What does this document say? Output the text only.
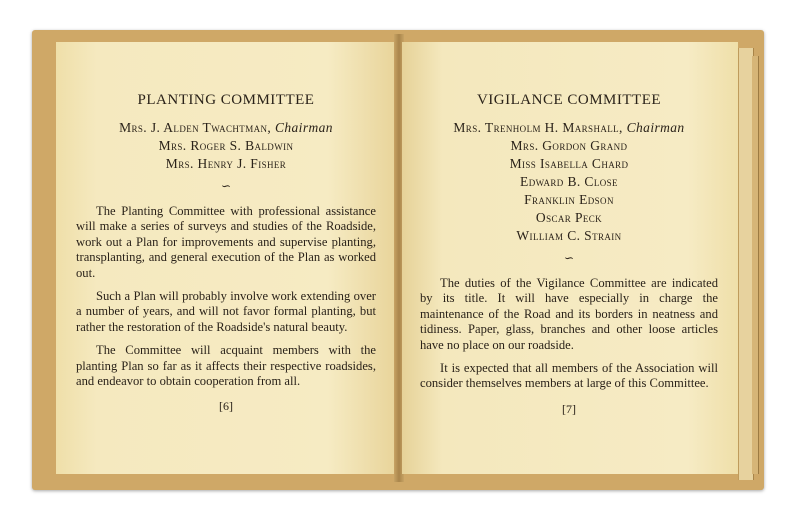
PLANTING COMMITTEE
Mrs. J. Alden Twachtman, Chairman
Mrs. Roger S. Baldwin
Mrs. Henry J. Fisher
∽

The Planting Committee with professional assistance will make a series of surveys and studies of the Roadside, work out a Plan for improvements and supervise planting, transplanting, and general execution of the Plan as worked out.

Such a Plan will probably involve work extending over a number of years, and will not favor formal planting, but rather the restoration of the Roadside's natural beauty.

The Committee will acquaint members with the planting Plan so far as it affects their respective roadsides, and endeavor to obtain cooperation from all.

[6]
VIGILANCE COMMITTEE
Mrs. Trenholm H. Marshall, Chairman
Mrs. Gordon Grand
Miss Isabella Chard
Edward B. Close
Franklin Edson
Oscar Peck
William C. Strain
∽

The duties of the Vigilance Committee are indicated by its title. It will have especially in charge the maintenance of the Road and its borders in neatness and tidiness. Paper, glass, branches and other loose articles have no place on our roadside.

It is expected that all members of the Association will consider themselves members at large of this Committee.

[7]
